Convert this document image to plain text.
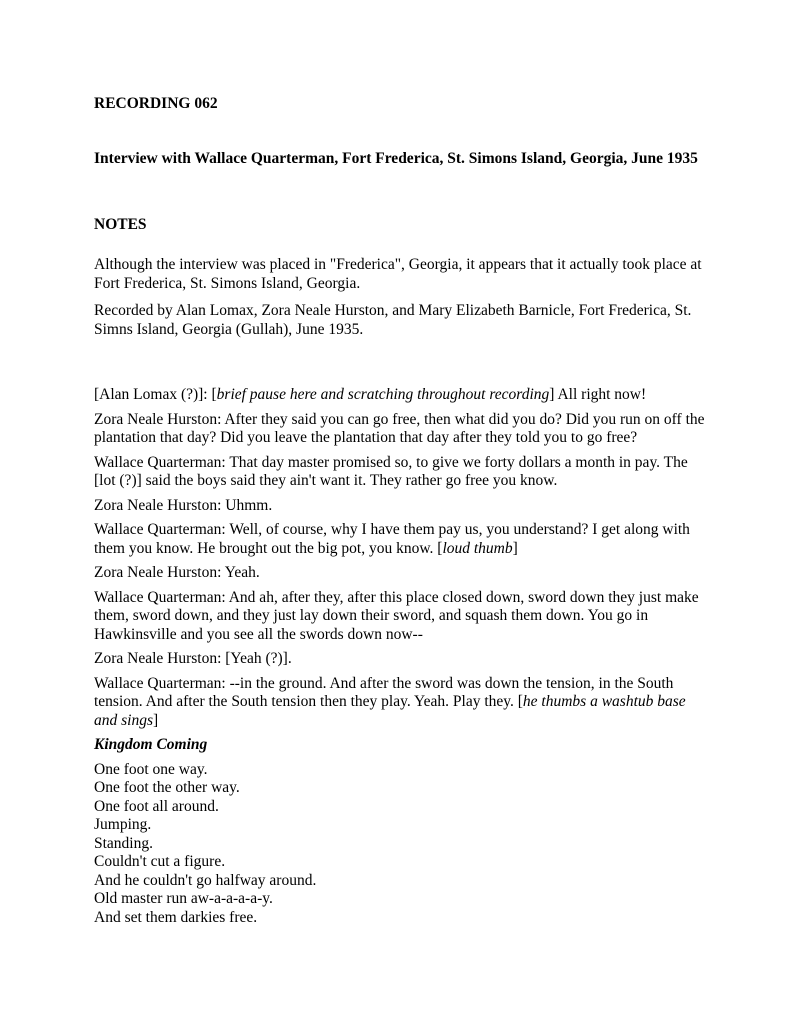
RECORDING 062

Interview with Wallace Quarterman, Fort Frederica, St. Simons Island, Georgia, June 1935

NOTES

Although the interview was placed in "Frederica", Georgia, it appears that it actually took place at Fort Frederica, St. Simons Island, Georgia.

Recorded by Alan Lomax, Zora Neale Hurston, and Mary Elizabeth Barnicle, Fort Frederica, St. Simns Island, Georgia (Gullah), June 1935.

[Alan Lomax (?)]: [brief pause here and scratching throughout recording] All right now!

Zora Neale Hurston: After they said you can go free, then what did you do? Did you run on off the plantation that day? Did you leave the plantation that day after they told you to go free?

Wallace Quarterman: That day master promised so, to give we forty dollars a month in pay. The [lot (?)] said the boys said they ain't want it. They rather go free you know.

Zora Neale Hurston: Uhmm.

Wallace Quarterman: Well, of course, why I have them pay us, you understand? I get along with them you know. He brought out the big pot, you know. [loud thumb]

Zora Neale Hurston: Yeah.

Wallace Quarterman: And ah, after they, after this place closed down, sword down they just make them, sword down, and they just lay down their sword, and squash them down. You go in Hawkinsville and you see all the swords down now--

Zora Neale Hurston: [Yeah (?)].

Wallace Quarterman: --in the ground. And after the sword was down the tension, in the South tension. And after the South tension then they play. Yeah. Play they. [he thumbs a washtub base and sings]

Kingdom Coming

One foot one way.
One foot the other way.
One foot all around.
Jumping.
Standing.
Couldn't cut a figure.
And he couldn't go halfway around.
Old master run aw-a-a-a-a-y.
And set them darkies free.
